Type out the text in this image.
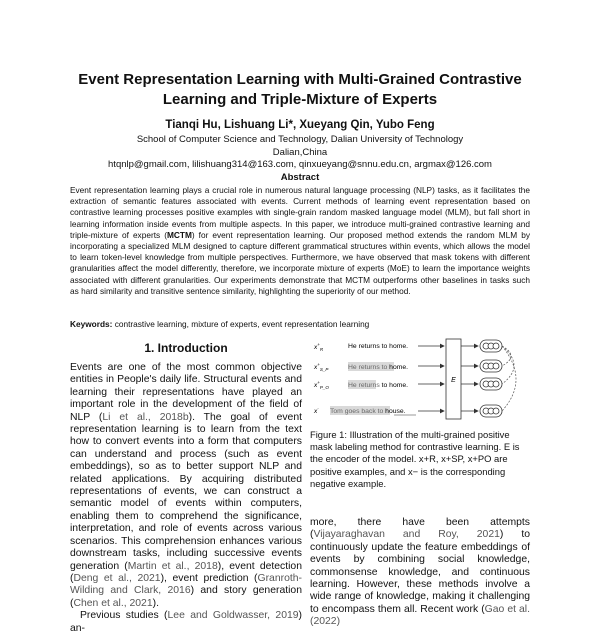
Event Representation Learning with Multi-Grained Contrastive
Learning and Triple-Mixture of Experts
Tianqi Hu, Lishuang Li*, Xueyang Qin, Yubo Feng
School of Computer Science and Technology, Dalian University of Technology
Dalian,China
htqnlp@gmail.com, lilishuang314@163.com, qinxueyang@snnu.edu.cn, argmax@126.com
Abstract
Event representation learning plays a crucial role in numerous natural language processing (NLP) tasks, as it facilitates the extraction of semantic features associated with events. Current methods of learning event representation based on contrastive learning processes positive examples with single-grain random masked language model (MLM), but fall short in learning information inside events from multiple aspects. In this paper, we introduce multi-grained contrastive learning and triple-mixture of experts (MCTM) for event representation learning. Our proposed method extends the random MLM by incorporating a specialized MLM designed to capture different grammatical structures within events, which allows the model to learn token-level knowledge from multiple perspectives. Furthermore, we have observed that mask tokens with different granularities affect the model differently, therefore, we incorporate mixture of experts (MoE) to learn the importance weights associated with different granularities. Our experiments demonstrate that MCTM outperforms other baselines in tasks such as hard similarity and transitive sentence similarity, highlighting the superiority of our method.
Keywords: contrastive learning, mixture of experts, event representation learning
1. Introduction

Events are one of the most common objective entities in People's daily life. Structural events and learning their representations have played an important role in the development of the field of NLP (Li et al., 2018b). The goal of event representation learning is to learn from the text how to convert events into a form that computers can understand and process (such as event embeddings), so as to better support NLP and related applications. By acquiring distributed representations of events, we can construct a semantic model of events within computers, enabling them to comprehend the significance, interpretation, and role of events across various scenarios. This comprehension enhances various downstream tasks, including successive events generation (Martin et al., 2018), event detection (Deng et al., 2021), event prediction (Granroth-Wilding and Clark, 2016) and story generation (Chen et al., 2021).

Previous studies (Lee and Goldwasser, 2019) an-

$x^+_R$
$x^+_{S\_P}$
$x^+_{P\_O}$
x-
He returns to home.
He returns to home.
He returns to home.
Tom goes back to house.
E
Figure 1: Illustration of the multi-grained positive mask labeling method for contrastive learning. E is the encoder of the model. x+R, x+SP, x+PO are positive examples, and x− is the corresponding negative example.
more, there have been attempts (Vijayaraghavan and Roy, 2021) to continuously update the feature embeddings of events by combining social knowledge, commonsense knowledge, and continuous learning. However, these methods involve a wide range of knowledge, making it challenging to encompass them all. Recent work (Gao et al. (2022)
